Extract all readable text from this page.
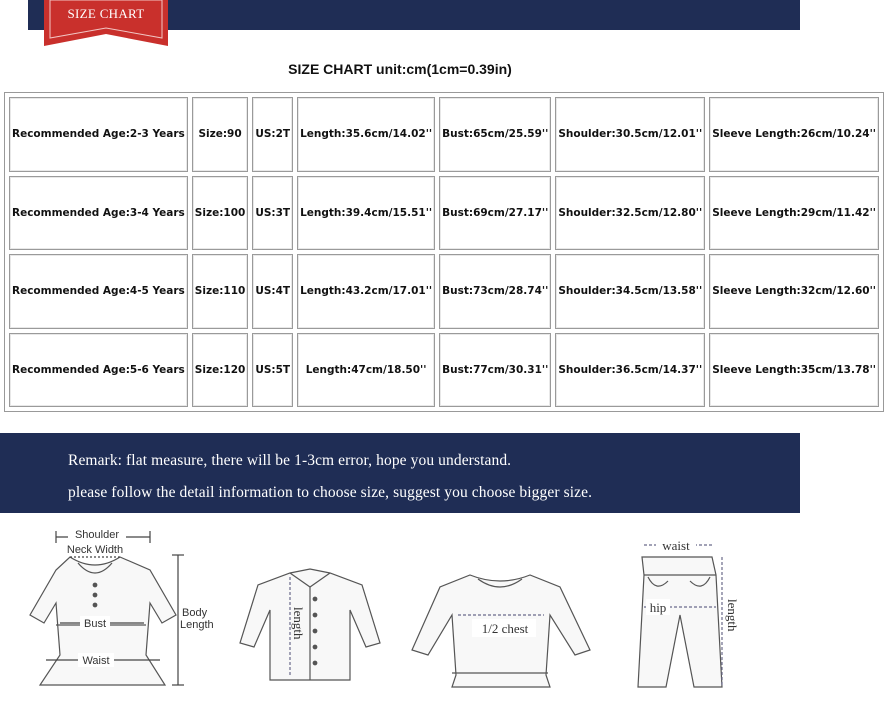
SIZE CHART
SIZE CHART unit:cm(1cm=0.39in)
Recommended Age:2-3 Years	Size:90	US:2T	Length:35.6cm/14.02''	Bust:65cm/25.59''	Shoulder:30.5cm/12.01''	Sleeve Length:26cm/10.24''
Recommended Age:3-4 Years	Size:100	US:3T	Length:39.4cm/15.51''	Bust:69cm/27.17''	Shoulder:32.5cm/12.80''	Sleeve Length:29cm/11.42''
Recommended Age:4-5 Years	Size:110	US:4T	Length:43.2cm/17.01''	Bust:73cm/28.74''	Shoulder:34.5cm/13.58''	Sleeve Length:32cm/12.60''
Recommended Age:5-6 Years	Size:120	US:5T	Length:47cm/18.50''	Bust:77cm/30.31''	Shoulder:36.5cm/14.37''	Sleeve Length:35cm/13.78''
Remark: flat measure, there will be 1-3cm error, hope you understand.
please follow the detail information to choose size, suggest you choose bigger size.
Shoulder
Neck Width
Bust
Waist
Body
Length	length	1/2 chest
waist
hip	length
